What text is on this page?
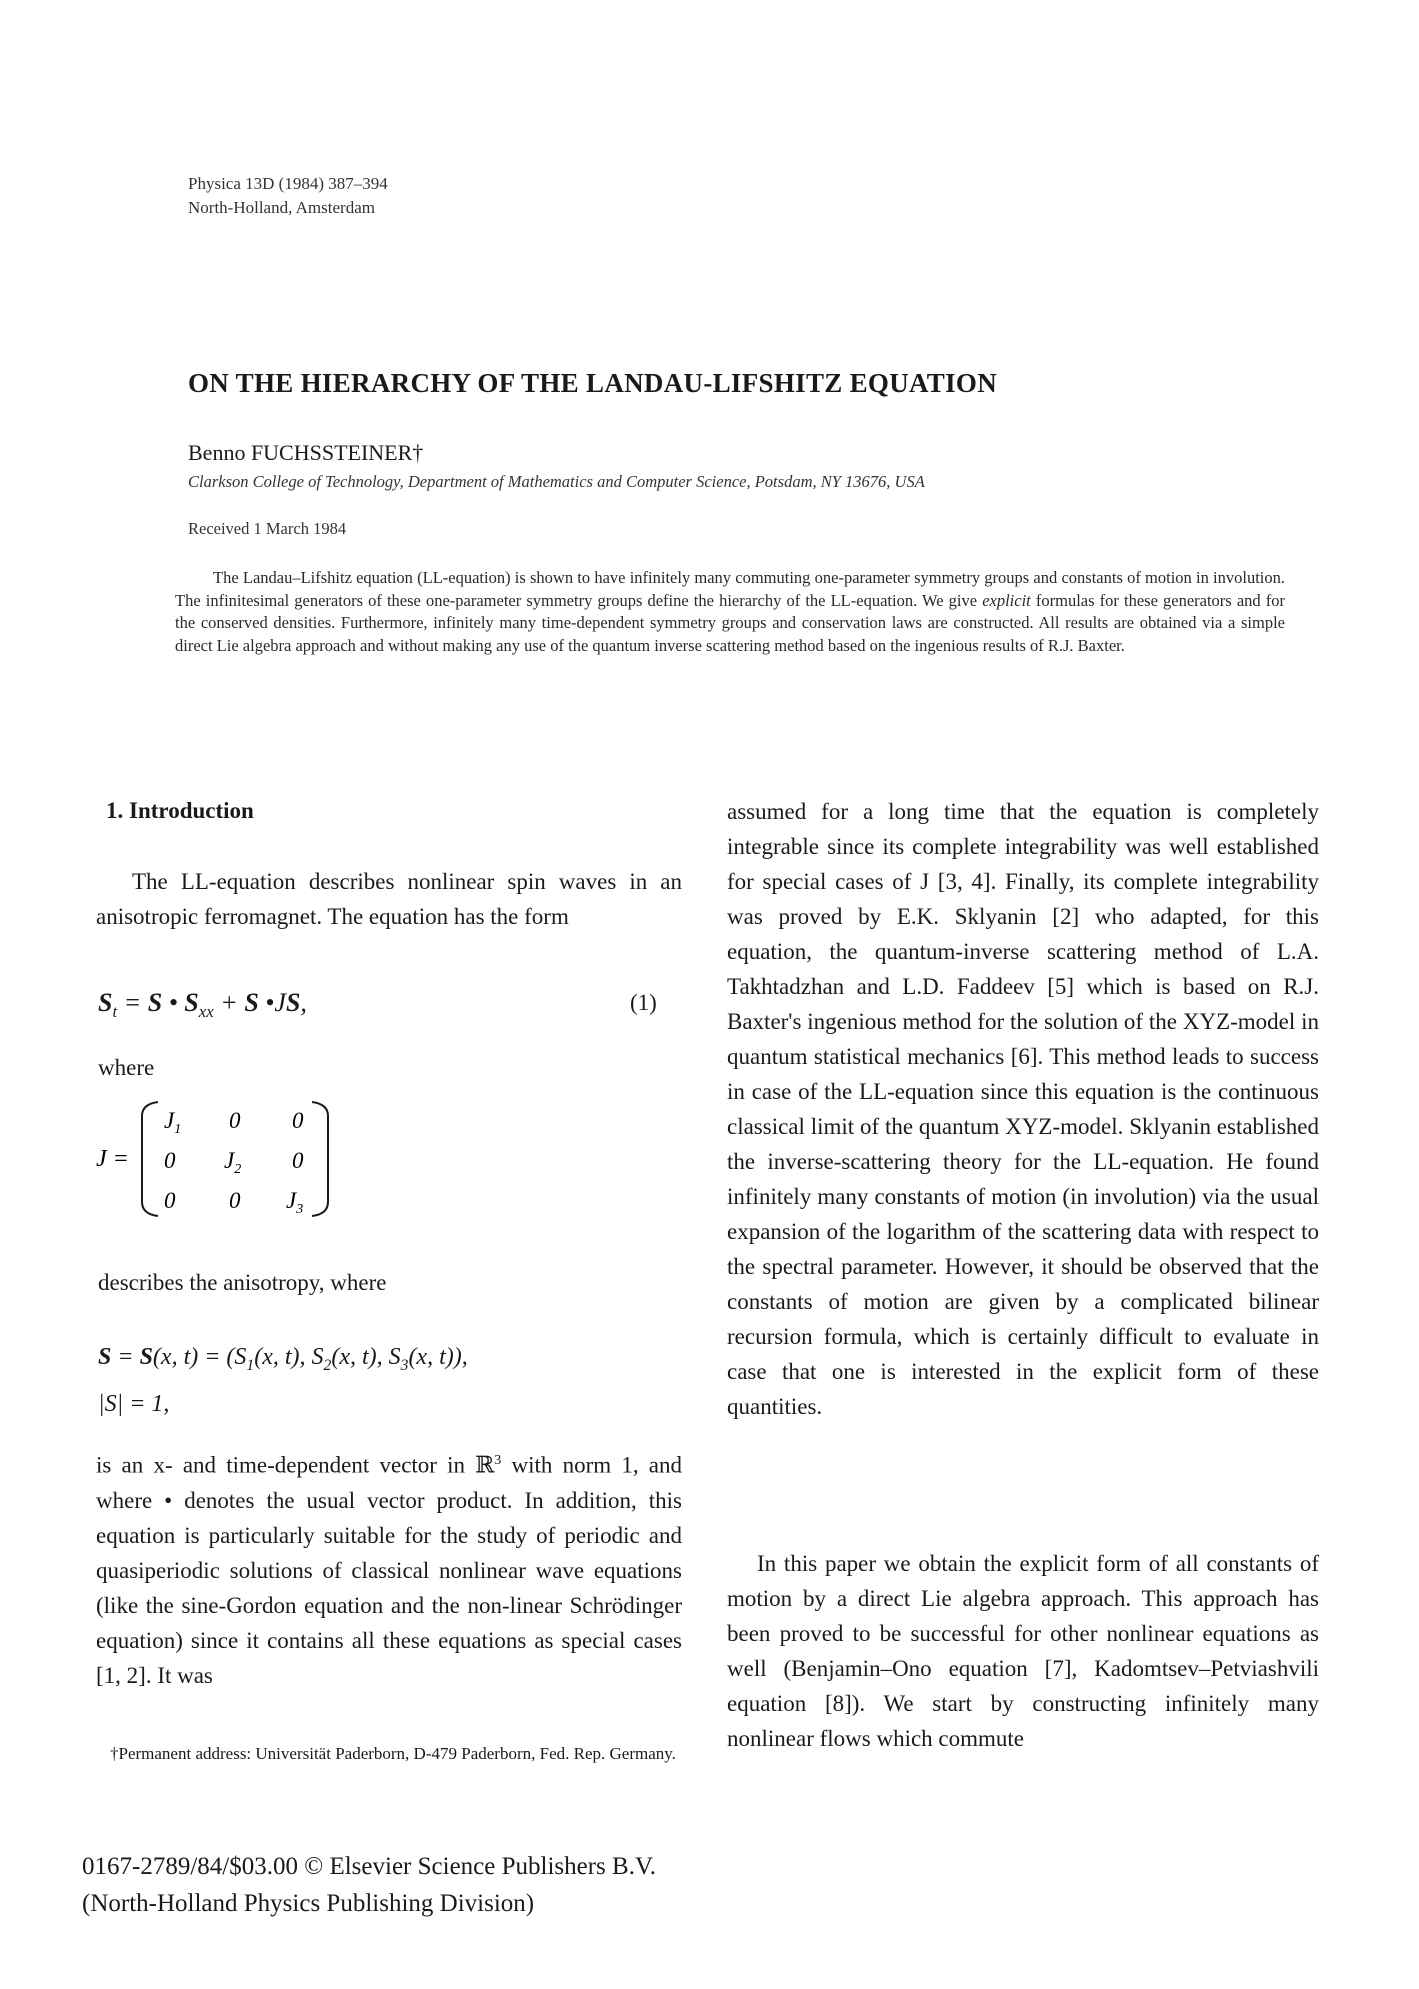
Physica 13D (1984) 387–394
North-Holland, Amsterdam
ON THE HIERARCHY OF THE LANDAU-LIFSHITZ EQUATION
Benno FUCHSSTEINER†
Clarkson College of Technology, Department of Mathematics and Computer Science, Potsdam, NY 13676, USA
Received 1 March 1984
The Landau–Lifshitz equation (LL-equation) is shown to have infinitely many commuting one-parameter symmetry groups and constants of motion in involution. The infinitesimal generators of these one-parameter symmetry groups define the hierarchy of the LL-equation. We give explicit formulas for these generators and for the conserved densities. Furthermore, infinitely many time-dependent symmetry groups and conservation laws are constructed. All results are obtained via a simple direct Lie algebra approach and without making any use of the quantum inverse scattering method based on the ingenious results of R.J. Baxter.
1. Introduction
The LL-equation describes nonlinear spin waves in an anisotropic ferromagnet. The equation has the form
$S_t = S$ • $S_{xx} + S$ •JS,	(1)
where
J =
$J_1$ 0 0
0 $J_2$ 0
0 0 $J_3$
describes the anisotropy, where
S = S(x, $t) = (S_1(x$, t), $S_2(x$, t), $S_3(x$, t)),
|S| = 1,
is an x- and time-dependent vector in ℝ$^3$ with norm 1, and where • denotes the usual vector product. In addition, this equation is particularly suitable for the study of periodic and quasiperiodic solutions of classical nonlinear wave equations (like the sine-Gordon equation and the non-linear Schrödinger equation) since it contains all these equations as special cases [1, 2]. It was
†Permanent address: Universität Paderborn, D-479 Paderborn, Fed. Rep. Germany.
assumed for a long time that the equation is completely integrable since its complete integrability was well established for special cases of J [3, 4]. Finally, its complete integrability was proved by E.K. Sklyanin [2] who adapted, for this equation, the quantum-inverse scattering method of L.A. Takhtadzhan and L.D. Faddeev [5] which is based on R.J. Baxter's ingenious method for the solution of the XYZ-model in quantum statistical mechanics [6]. This method leads to success in case of the LL-equation since this equation is the continuous classical limit of the quantum XYZ-model. Sklyanin established the inverse-scattering theory for the LL-equation. He found infinitely many constants of motion (in involution) via the usual expansion of the logarithm of the scattering data with respect to the spectral parameter. However, it should be observed that the constants of motion are given by a complicated bilinear recursion formula, which is certainly difficult to evaluate in case that one is interested in the explicit form of these quantities.
In this paper we obtain the explicit form of all constants of motion by a direct Lie algebra approach. This approach has been proved to be successful for other nonlinear equations as well (Benjamin–Ono equation [7], Kadomtsev–Petviashvili equation [8]). We start by constructing infinitely many nonlinear flows which commute
0167-2789/84/$03.00 © Elsevier Science Publishers B.V.
(North-Holland Physics Publishing Division)
